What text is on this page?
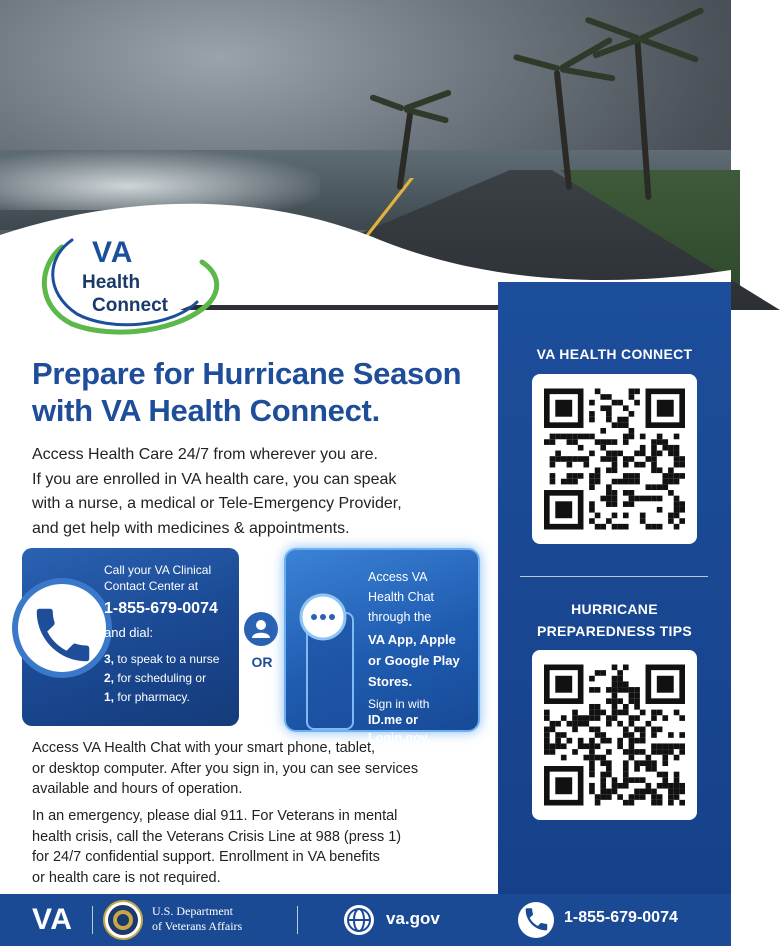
VA
Health
Connect
Prepare for Hurricane Season
with VA Health Connect.
Access Health Care 24/7 from wherever you are.
If you are enrolled in VA health care, you can speak
with a nurse, a medical or Tele-Emergency Provider,
and get help with medicines & appointments.
Call your VA Clinical
Contact Center at
1-855-679-0074
and dial:
3, to speak to a nurse
2, for scheduling or
1, for pharmacy.
OR
Access VA
Health Chat
through the
VA App, Apple
or Google Play
Stores.
Sign in with
ID.me or Login.gov.
Access VA Health Chat with your smart phone, tablet,
or desktop computer. After you sign in, you can see services
available and hours of operation.
In an emergency, please dial 911. For Veterans in mental
health crisis, call the Veterans Crisis Line at 988 (press 1)
for 24/7 confidential support. Enrollment in VA benefits
or health care is not required.
VA HEALTH CONNECT
HURRICANE
PREPAREDNESS TIPS
VA	U.S. Department
of Veterans Affairs	va.gov	1-855-679-0074
